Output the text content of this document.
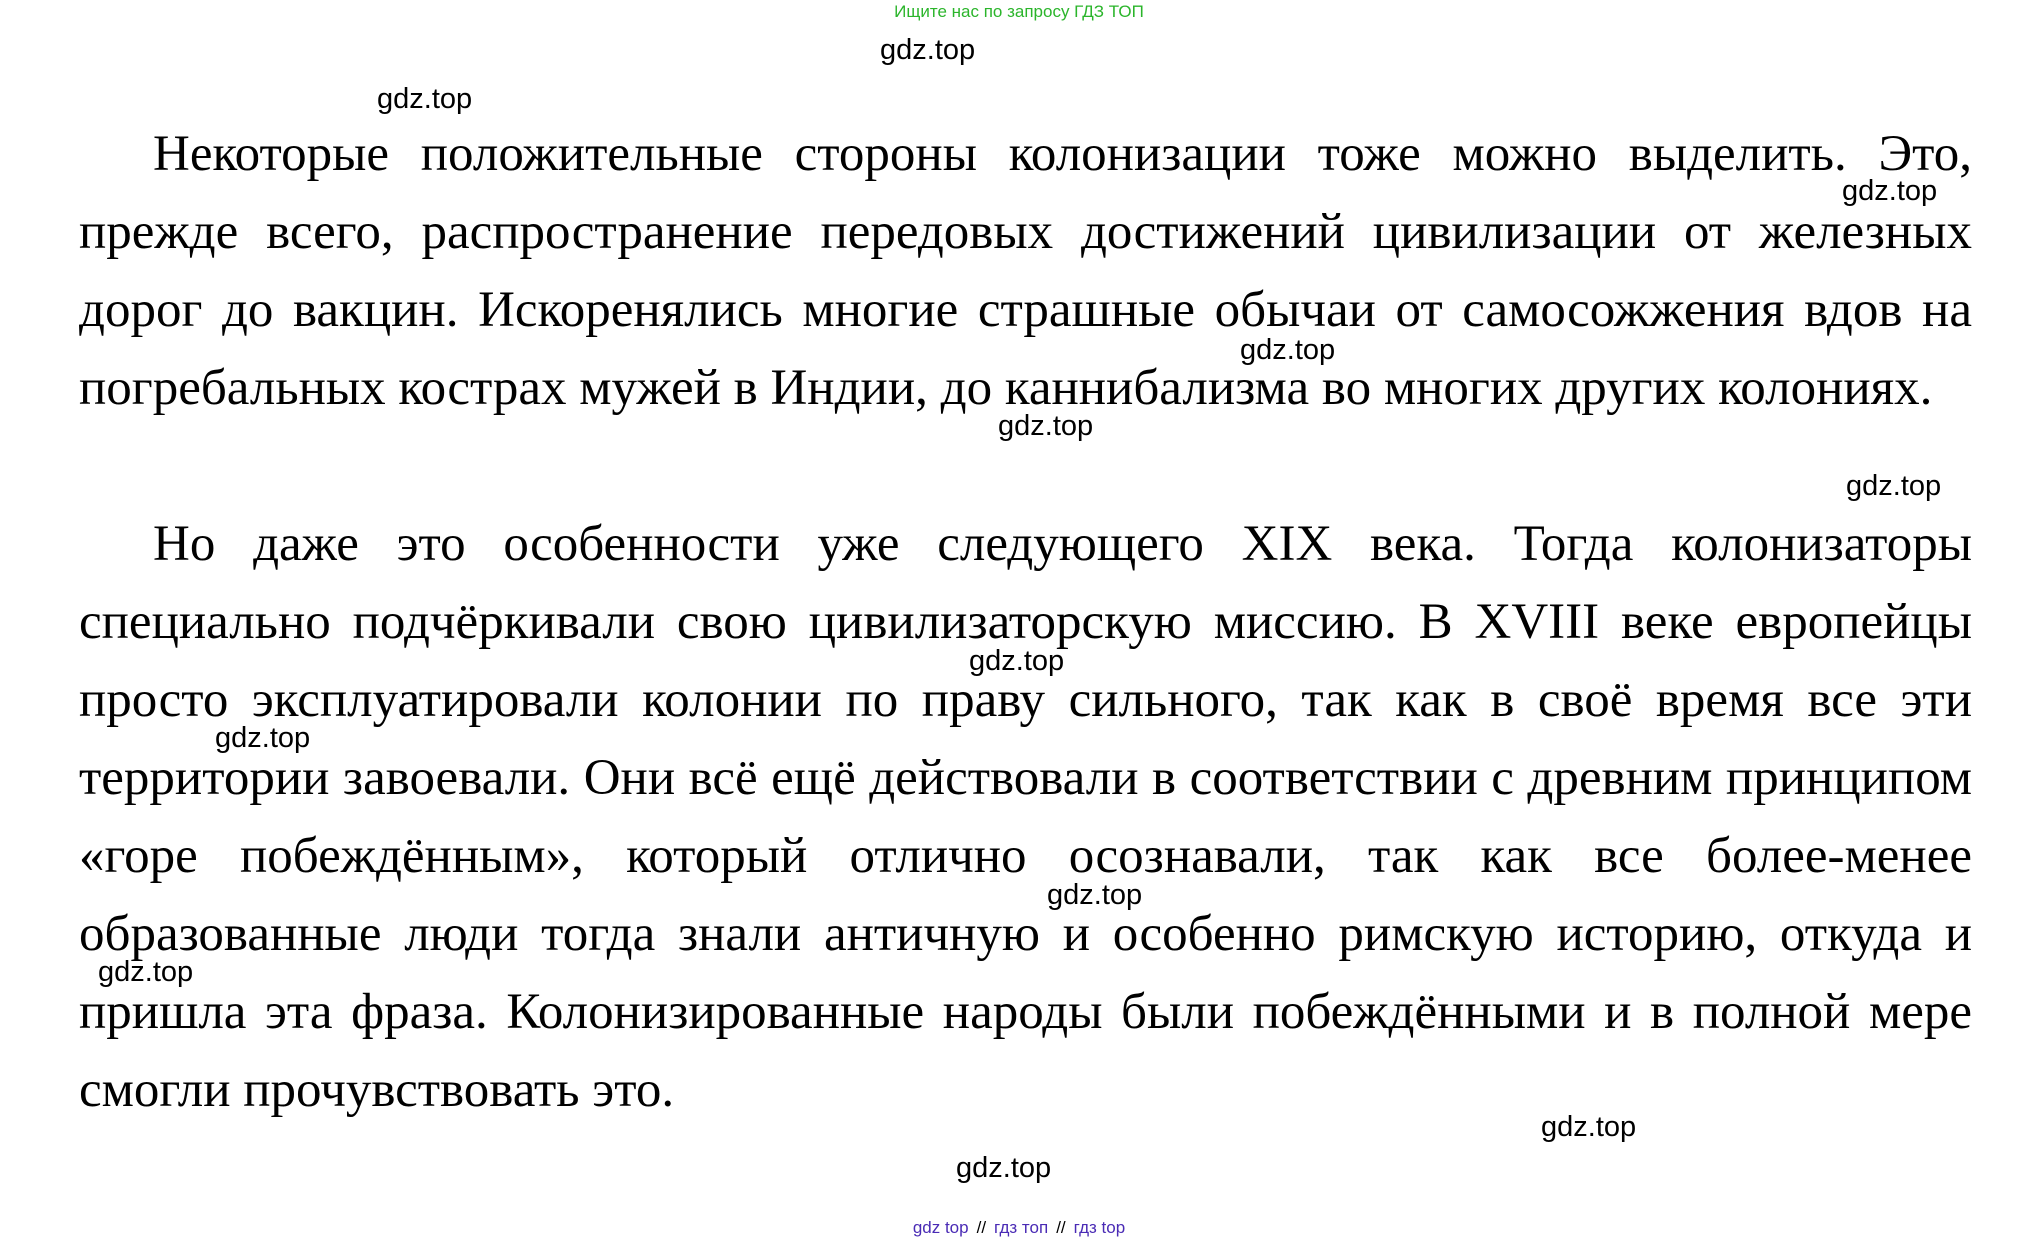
Ищите нас по запросу ГДЗ ТОП

Некоторые положительные стороны колонизации тоже можно выделить. Это, прежде всего, распространение передовых достижений цивилизации от железных дорог до вакцин. Искоренялись многие страшные обычаи от самосожжения вдов на погребальных кострах мужей в Индии, до каннибализма во многих других колониях.

Но даже это особенности уже следующего XIX века. Тогда колонизаторы специально подчёркивали свою цивилизаторскую миссию. В XVIII веке европейцы просто эксплуатировали колонии по праву сильного, так как в своё время все эти территории завоевали. Они всё ещё действовали в соответствии с древним принципом «горе побеждённым», который отлично осознавали, так как все более-менее образованные люди тогда знали античную и особенно римскую историю, откуда и пришла эта фраза. Колонизированные народы были побеждёнными и в полной мере смогли прочувствовать это.

gdz.top
gdz.top
gdz.top
gdz.top
gdz.top
gdz.top
gdz.top
gdz.top
gdz.top
gdz.top
gdz.top
gdz.top
gdz top // гдз топ // гдз top
